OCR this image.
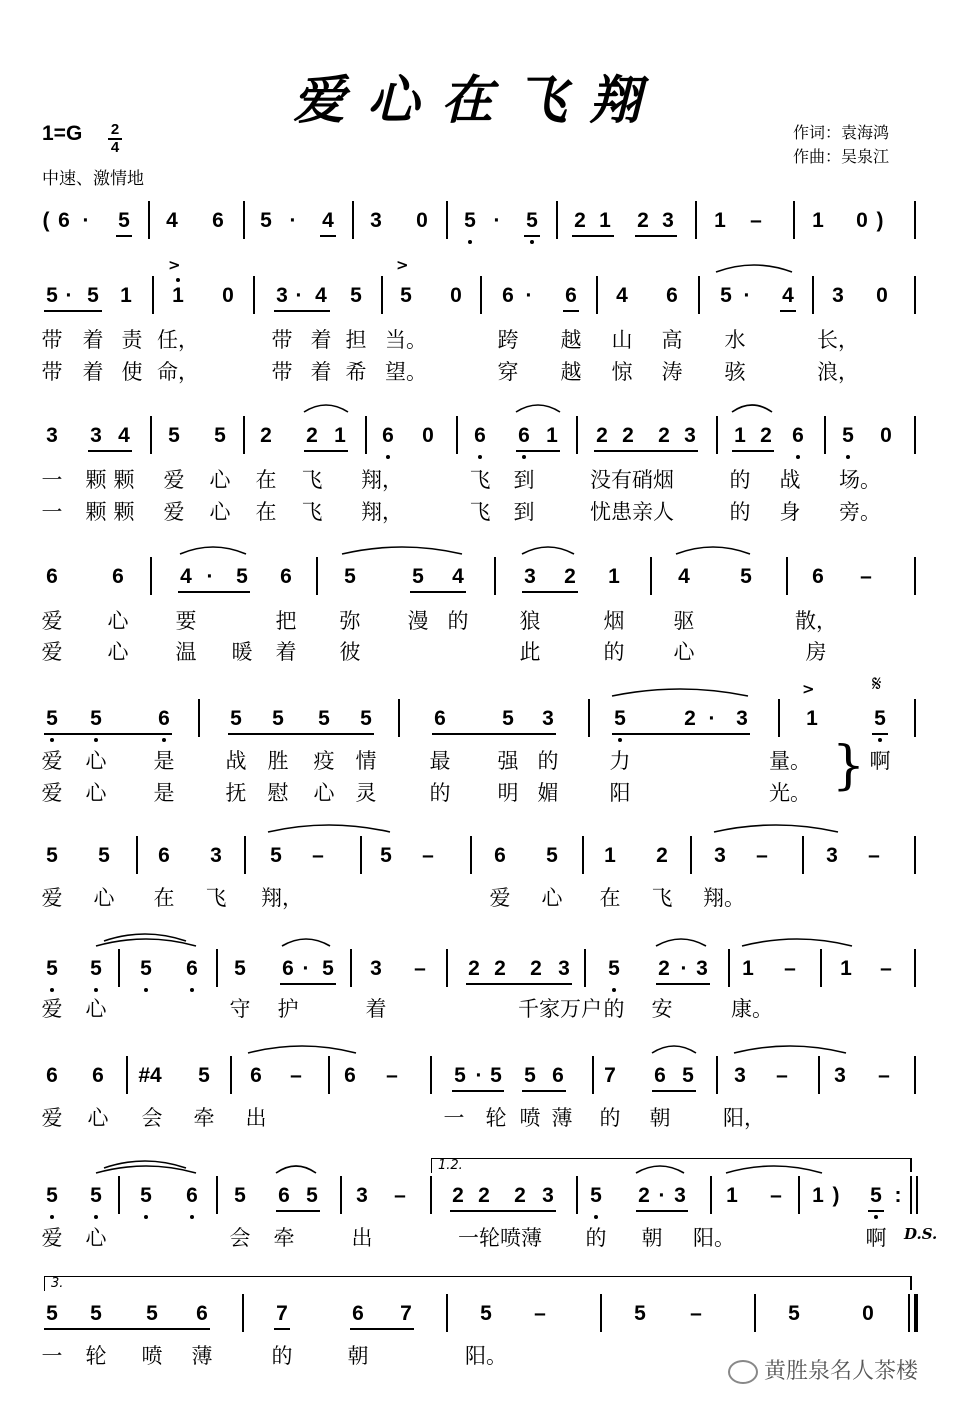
爱心在飞翔
1=G 2
4
中速、激情地
作词：袁海鸿
作曲：吴泉江
( 6 · 5 4 6 5 · 4 3 0 5 · 5 2 1 2 3 1 – 1 0 )
5 · 5 1 1 0 3 · 4 5 5 0 6 · 6 4 6 5 · 4 3 0
>	>
带 着 责 任，	带 着 担 当。	跨 越 山 高 水	长，
带 着 使 命，	带 着 希 望。	穿 越 惊 涛 骇	浪，
3 3 4 5 5 2 2 1 6 0 6 6 1 2 2 2 3 1 2 6 5 0
一 颗 颗 爱 心 在 飞 翔，	飞 到	没有硝烟	的 战 场。
一 颗 颗 爱 心 在 飞 翔，	飞 到	忧患亲人	的 身 旁。
6	6	4 · 5 6 5	5 4	3 2 1	4 5	6 –
爱 心 要	把 弥 漫 的 狼	烟 驱	散，
爱 心 温 暖 着 彼	此	的 心	房
5 5	6	5 5 5 5	6	5 3	5	2 · 3	1	5
>
爱 心 是 战 胜 疫 情	最 强 的 力	量。	啊
爱 心 是 抚 慰 心 灵	的 明 媚 阳	光。
5 5 6 3 5 –	5 –	6 5 1 2 3 –	3 –
爱 心 在 飞 翔，	爱 心 在 飞 翔。
5 5 5 6 5 6 · 5 3 – 2 2 2 3 5 2 · 3 1 – 1 –
爱 心	守 护	着	千家万户 的 安	康。
6 6 #4 5 6 – 6 –	5 · 5 5 6 7 6 5 3 – 3 –
爱 心 会 牵 出	一 轮 喷 薄 的 朝	阳，
5 5 5 6 5 6 5 3 – 2 2 2 3 5 2 · 3 1 – 1 ) 5 :
爱 心	会 牵	出	一轮喷薄 的 朝 阳。	啊
5 5 5 6	7	6 7	5 –	5 –	5	0
一 轮 喷 薄	的	朝	阳。
}
𝄋
D.S.
1.2.
3.
黄胜泉名人茶楼
